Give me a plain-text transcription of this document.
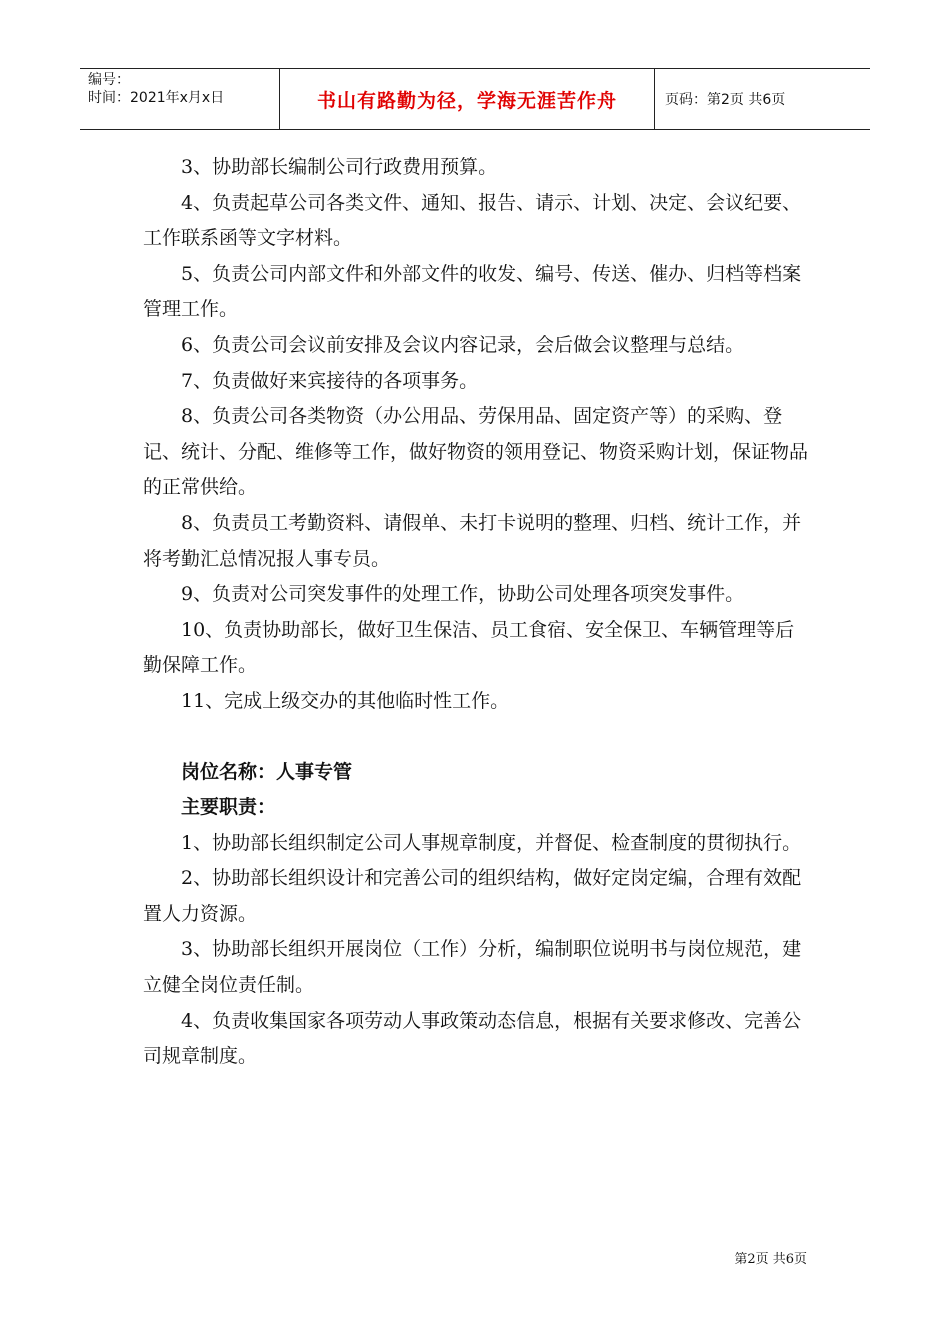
编号：
时间：2021年x月x日	书山有路勤为径，学海无涯苦作舟	页码：第2页 共6页

3、协助部长编制公司行政费用预算。

4、负责起草公司各类文件、通知、报告、请示、计划、决定、会议纪要、工作联系函等文字材料。

5、负责公司内部文件和外部文件的收发、编号、传送、催办、归档等档案管理工作。

6、负责公司会议前安排及会议内容记录，会后做会议整理与总结。

7、负责做好来宾接待的各项事务。

8、负责公司各类物资（办公用品、劳保用品、固定资产等）的采购、登记、统计、分配、维修等工作，做好物资的领用登记、物资采购计划，保证物品的正常供给。

8、负责员工考勤资料、请假单、未打卡说明的整理、归档、统计工作，并将考勤汇总情况报人事专员。

9、负责对公司突发事件的处理工作，协助公司处理各项突发事件。

10、负责协助部长，做好卫生保洁、员工食宿、安全保卫、车辆管理等后勤保障工作。

11、完成上级交办的其他临时性工作。

岗位名称：人事专管

主要职责：

1、协助部长组织制定公司人事规章制度，并督促、检查制度的贯彻执行。

2、协助部长组织设计和完善公司的组织结构，做好定岗定编，合理有效配置人力资源。

3、协助部长组织开展岗位（工作）分析，编制职位说明书与岗位规范，建立健全岗位责任制。

4、负责收集国家各项劳动人事政策动态信息，根据有关要求修改、完善公司规章制度。

第2页 共6页
